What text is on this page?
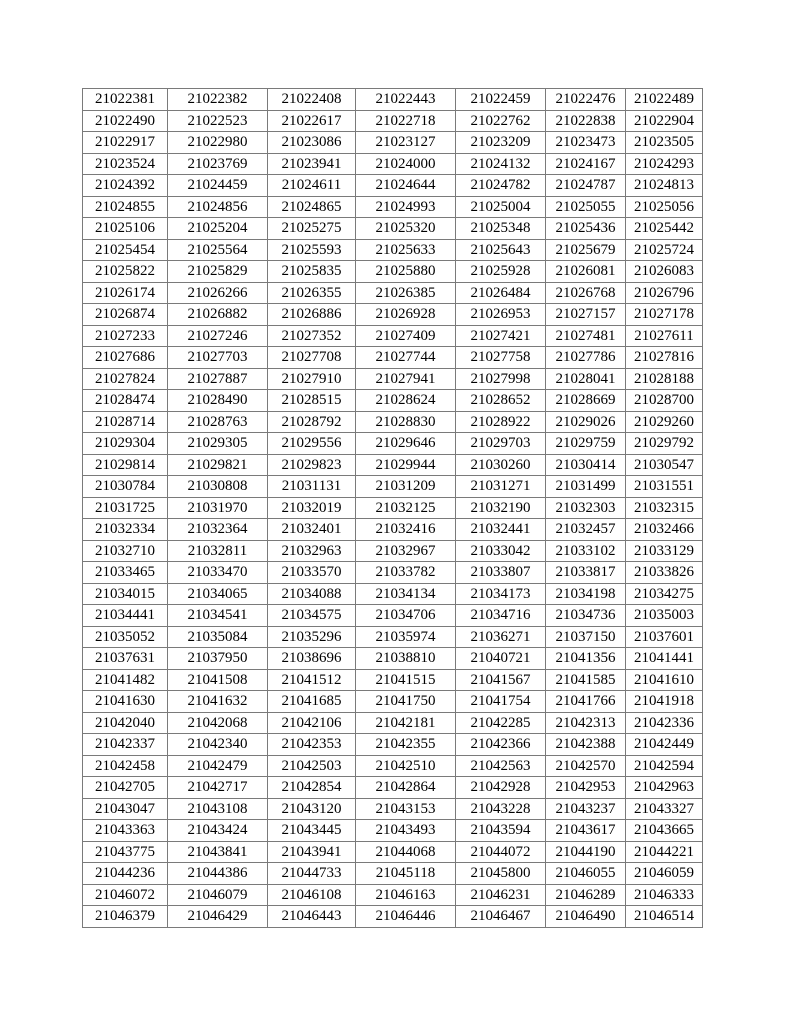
21022381	21022382	21022408	21022443	21022459	21022476	21022489
21022490	21022523	21022617	21022718	21022762	21022838	21022904
21022917	21022980	21023086	21023127	21023209	21023473	21023505
21023524	21023769	21023941	21024000	21024132	21024167	21024293
21024392	21024459	21024611	21024644	21024782	21024787	21024813
21024855	21024856	21024865	21024993	21025004	21025055	21025056
21025106	21025204	21025275	21025320	21025348	21025436	21025442
21025454	21025564	21025593	21025633	21025643	21025679	21025724
21025822	21025829	21025835	21025880	21025928	21026081	21026083
21026174	21026266	21026355	21026385	21026484	21026768	21026796
21026874	21026882	21026886	21026928	21026953	21027157	21027178
21027233	21027246	21027352	21027409	21027421	21027481	21027611
21027686	21027703	21027708	21027744	21027758	21027786	21027816
21027824	21027887	21027910	21027941	21027998	21028041	21028188
21028474	21028490	21028515	21028624	21028652	21028669	21028700
21028714	21028763	21028792	21028830	21028922	21029026	21029260
21029304	21029305	21029556	21029646	21029703	21029759	21029792
21029814	21029821	21029823	21029944	21030260	21030414	21030547
21030784	21030808	21031131	21031209	21031271	21031499	21031551
21031725	21031970	21032019	21032125	21032190	21032303	21032315
21032334	21032364	21032401	21032416	21032441	21032457	21032466
21032710	21032811	21032963	21032967	21033042	21033102	21033129
21033465	21033470	21033570	21033782	21033807	21033817	21033826
21034015	21034065	21034088	21034134	21034173	21034198	21034275
21034441	21034541	21034575	21034706	21034716	21034736	21035003
21035052	21035084	21035296	21035974	21036271	21037150	21037601
21037631	21037950	21038696	21038810	21040721	21041356	21041441
21041482	21041508	21041512	21041515	21041567	21041585	21041610
21041630	21041632	21041685	21041750	21041754	21041766	21041918
21042040	21042068	21042106	21042181	21042285	21042313	21042336
21042337	21042340	21042353	21042355	21042366	21042388	21042449
21042458	21042479	21042503	21042510	21042563	21042570	21042594
21042705	21042717	21042854	21042864	21042928	21042953	21042963
21043047	21043108	21043120	21043153	21043228	21043237	21043327
21043363	21043424	21043445	21043493	21043594	21043617	21043665
21043775	21043841	21043941	21044068	21044072	21044190	21044221
21044236	21044386	21044733	21045118	21045800	21046055	21046059
21046072	21046079	21046108	21046163	21046231	21046289	21046333
21046379	21046429	21046443	21046446	21046467	21046490	21046514
